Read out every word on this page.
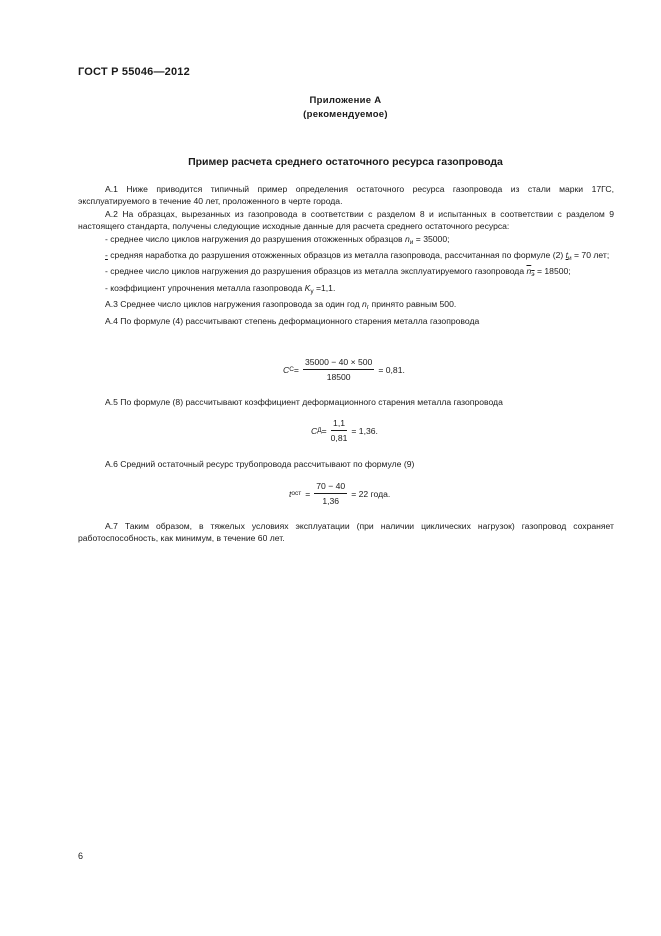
ГОСТ Р 55046—2012
Приложение А
(рекомендуемое)
Пример расчета среднего остаточного ресурса газопровода

А.1 Ниже приводится типичный пример определения остаточного ресурса газопровода из стали марки 17ГС, эксплуатируемого в течение 40 лет, проложенного в черте города.

А.2 На образцах, вырезанных из газопровода в соответствии с разделом 8 и испытанных в соответствии с разделом 9 настоящего стандарта, получены следующие исходные данные для расчета среднего остаточного ресурса:

- среднее число циклов нагружения до разрушения отожженных образцов $n_и = 35000$;

- средняя наработка до разрушения отожженных образцов из металла газопровода, рассчитанная по формуле (2) $t_и = 70$ лет;

- среднее число циклов нагружения до разрушения образцов из металла эксплуатируемого газопровода $\overline{n}_э = 18500$;

- коэффициент упрочнения металла газопровода $K_у =1,1$.

А.3 Среднее число циклов нагружения газопровода за один год $n_г$ принято равным 500.

А.4 По формуле (4) рассчитывают степень деформационного старения металла газопровода

С $С = \frac{35000 - 40 \times 500}{18500} = 0,81$.

А.5 По формуле (8) рассчитывают коэффициент деформационного старения металла газопровода

С $Д = \frac{1,1}{0,81} = 1,36$.

А.6 Средний остаточный ресурс трубопровода рассчитывают по формуле (9)

t ост = $\frac{70 - 40}{1,36} = 22$ года.

А.7 Таким образом, в тяжелых условиях эксплуатации (при наличии циклических нагрузок) газопровод сохраняет работоспособность, как минимум, в течение 60 лет.

6
